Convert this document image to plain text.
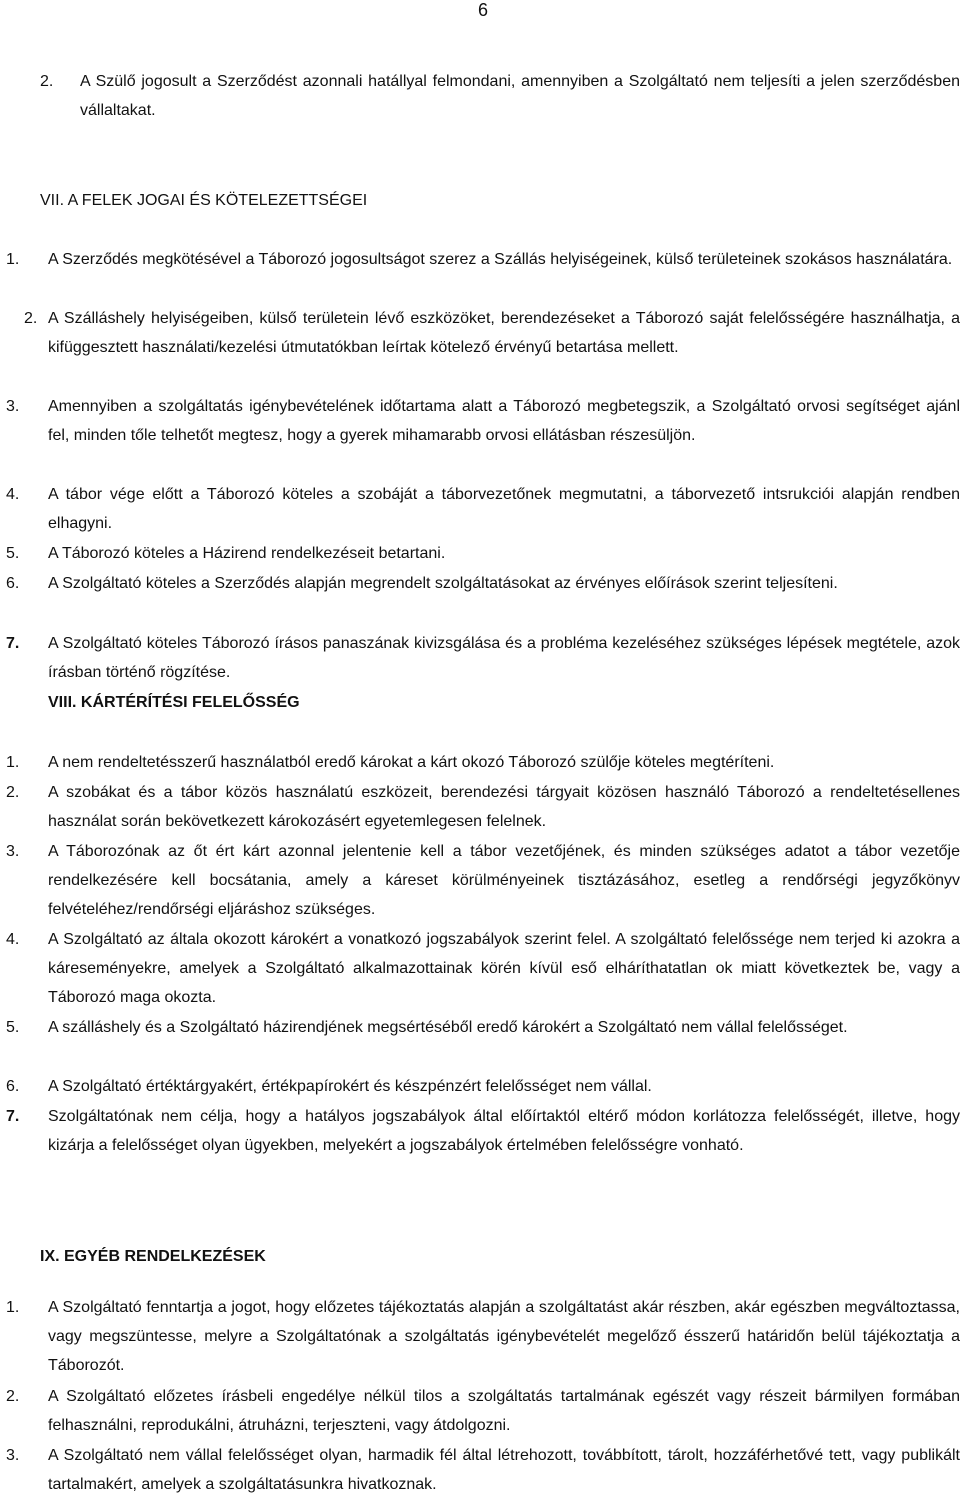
6
2. A Szülő jogosult a Szerződést azonnali hatállyal felmondani, amennyiben a Szolgáltató nem teljesíti a jelen szerződésben vállaltakat.
VII. A FELEK JOGAI ÉS KÖTELEZETTSÉGEI
1. A Szerződés megkötésével a Táborozó jogosultságot szerez a Szállás helyiségeinek, külső területeinek szokásos használatára.
2. A Szálláshely helyiségeiben, külső területein lévő eszközöket, berendezéseket a Táborozó saját felelősségére használhatja, a kifüggesztett használati/kezelési útmutatókban leírtak kötelező érvényű betartása mellett.
3. Amennyiben a szolgáltatás igénybevételének időtartama alatt a Táborozó megbetegszik, a Szolgáltató orvosi segítséget ajánl fel, minden tőle telhetőt megtesz, hogy a gyerek mihamarabb orvosi ellátásban részesüljön.
4. A tábor vége előtt a Táborozó köteles a szobáját a táborvezetőnek megmutatni, a táborvezető intsrukciói alapján rendben elhagyni.
5. A Táborozó köteles a Házirend rendelkezéseit betartani.
6. A Szolgáltató köteles a Szerződés alapján megrendelt szolgáltatásokat az érvényes előírások szerint teljesíteni.
7. A Szolgáltató köteles Táborozó írásos panaszának kivizsgálása és a probléma kezeléséhez szükséges lépések megtétele, azok írásban történő rögzítése.
VIII. KÁRTÉRÍTÉSI FELELŐSSÉG
1. A nem rendeltetésszerű használatból eredő károkat a kárt okozó Táborozó szülője köteles megtéríteni.
2. A szobákat és a tábor közös használatú eszközeit, berendezési tárgyait közösen használó Táborozó a rendeltetésellenes használat során bekövetkezett károkozásért egyetemlegesen felelnek.
3. A Táborozónak az őt ért kárt azonnal jelentenie kell a tábor vezetőjének, és minden szükséges adatot a tábor vezetője rendelkezésére kell bocsátania, amely a káreset körülményeinek tisztázásához, esetleg a rendőrségi jegyzőkönyv felvételéhez/rendőrségi eljáráshoz szükséges.
4. A Szolgáltató az általa okozott károkért a vonatkozó jogszabályok szerint felel. A szolgáltató felelőssége nem terjed ki azokra a káreseményekre, amelyek a Szolgáltató alkalmazottainak körén kívül eső elháríthatatlan ok miatt következtek be, vagy a Táborozó maga okozta.
5. A szálláshely és a Szolgáltató házirendjének megsértéséből eredő károkért a Szolgáltató nem vállal felelősséget.
6. A Szolgáltató értéktárgyakért, értékpapírokért és készpénzért felelősséget nem vállal.
7. Szolgáltatónak nem célja, hogy a hatályos jogszabályok által előírtaktól eltérő módon korlátozza felelősségét, illetve, hogy kizárja a felelősséget olyan ügyekben, melyekért a jogszabályok értelmében felelősségre vonható.
IX. EGYÉB RENDELKEZÉSEK
1. A Szolgáltató fenntartja a jogot, hogy előzetes tájékoztatás alapján a szolgáltatást akár részben, akár egészben megváltoztassa, vagy megszüntesse, melyre a Szolgáltatónak a szolgáltatás igénybevételét megelőző ésszerű határidőn belül tájékoztatja a Táborozót.
2. A Szolgáltató előzetes írásbeli engedélye nélkül tilos a szolgáltatás tartalmának egészét vagy részeit bármilyen formában felhasználni, reprodukálni, átruházni, terjeszteni, vagy átdolgozni.
3. A Szolgáltató nem vállal felelősséget olyan, harmadik fél által létrehozott, továbbított, tárolt, hozzáférhetővé tett, vagy publikált tartalmakért, amelyek a szolgáltatásunkra hivatkoznak.
